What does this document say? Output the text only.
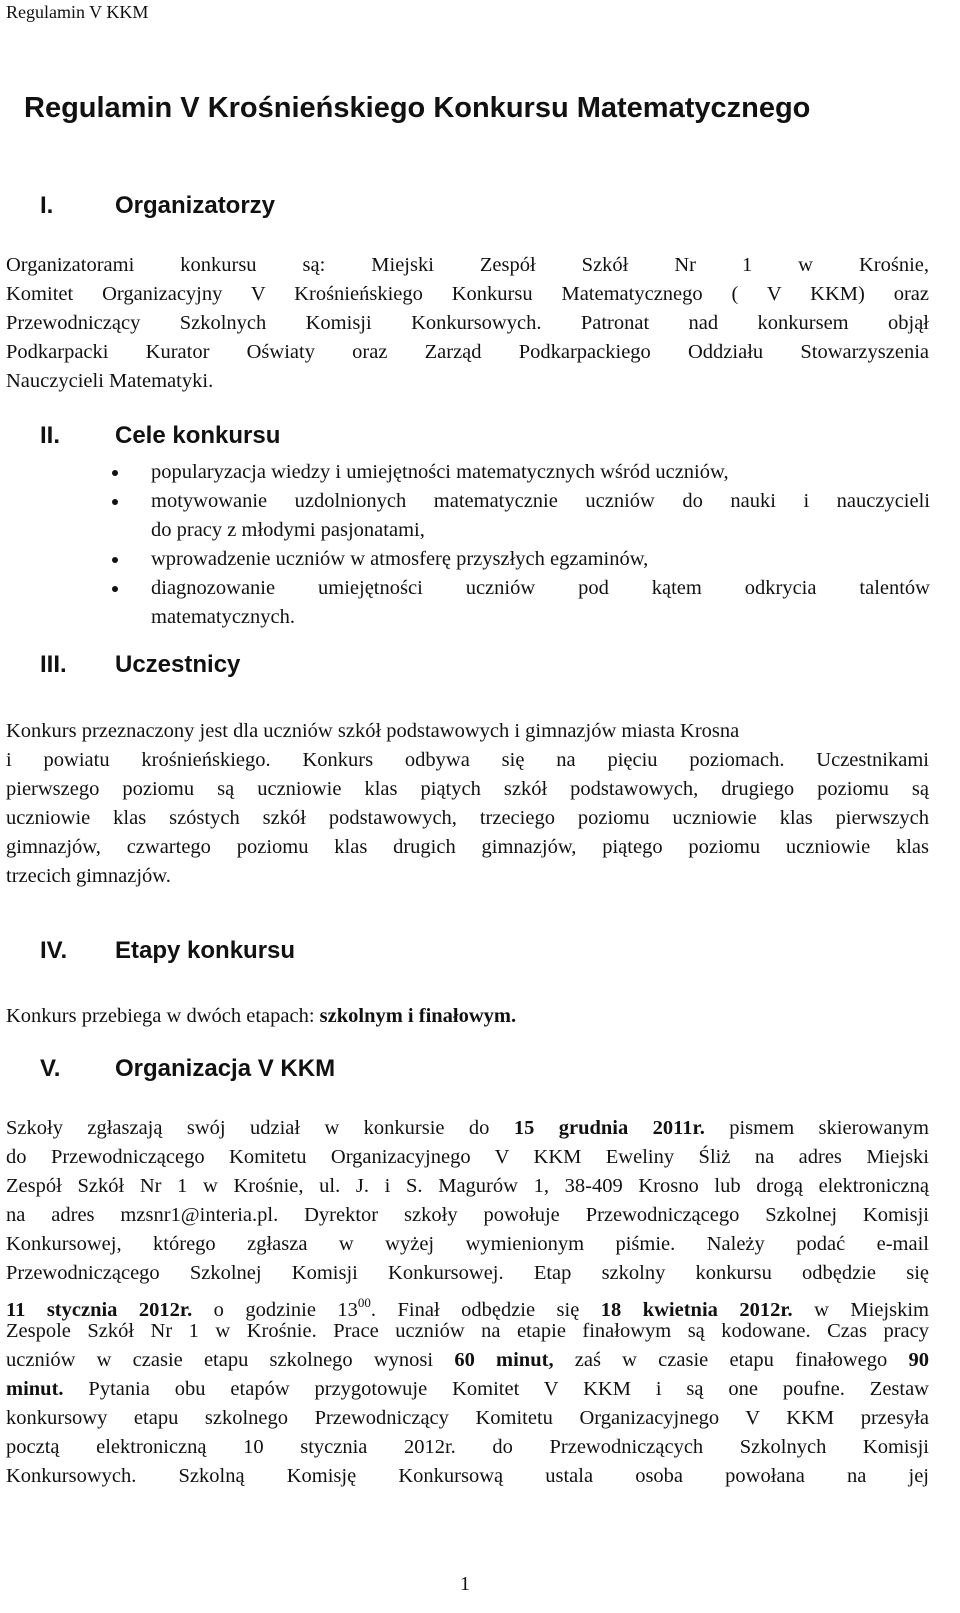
Regulamin V KKM
Regulamin V Krośnieńskiego Konkursu Matematycznego
I.	Organizatorzy
Organizatorami konkursu są: Miejski Zespół Szkół Nr 1 w Krośnie,
Komitet Organizacyjny V Krośnieńskiego Konkursu Matematycznego ( V KKM) oraz
Przewodniczący Szkolnych Komisji Konkursowych. Patronat nad konkursem objął
Podkarpacki Kurator Oświaty oraz Zarząd Podkarpackiego Oddziału Stowarzyszenia
Nauczycieli Matematyki.
II. Cele konkursu
popularyzacja wiedzy i umiejętności matematycznych wśród uczniów,
motywowanie uzdolnionych matematycznie uczniów do nauki i nauczycieli
do pracy z młodymi pasjonatami,
wprowadzenie uczniów w atmosferę przyszłych egzaminów,
diagnozowanie umiejętności uczniów pod kątem odkrycia talentów
matematycznych.
III. Uczestnicy
Konkurs przeznaczony jest dla uczniów szkół podstawowych i gimnazjów miasta Krosna
i powiatu krośnieńskiego. Konkurs odbywa się na pięciu poziomach. Uczestnikami
pierwszego poziomu są uczniowie klas piątych szkół podstawowych, drugiego poziomu są
uczniowie klas szóstych szkół podstawowych, trzeciego poziomu uczniowie klas pierwszych
gimnazjów, czwartego poziomu klas drugich gimnazjów, piątego poziomu uczniowie klas
trzecich gimnazjów.
IV. Etapy konkursu
Konkurs przebiega w dwóch etapach: szkolnym i finałowym.
V. Organizacja V KKM
Szkoły zgłaszają swój udział w konkursie do 15 grudnia 2011r. pismem skierowanym
do Przewodniczącego Komitetu Organizacyjnego V KKM Eweliny Śliż na adres Miejski
Zespół Szkół Nr 1 w Krośnie, ul. J. i S. Magurów 1, 38-409 Krosno lub drogą elektroniczną
na adres mzsnr1@interia.pl. Dyrektor szkoły powołuje Przewodniczącego Szkolnej Komisji
Konkursowej, którego zgłasza w wyżej wymienionym piśmie. Należy podać e-mail
Przewodniczącego Szkolnej Komisji Konkursowej. Etap szkolny konkursu odbędzie się
11 stycznia 2012r. o godzinie $13^{00}$. Finał odbędzie się 18 kwietnia 2012r. w Miejskim
Zespole Szkół Nr 1 w Krośnie. Prace uczniów na etapie finałowym są kodowane. Czas pracy
uczniów w czasie etapu szkolnego wynosi 60 minut, zaś w czasie etapu finałowego 90
minut. Pytania obu etapów przygotowuje Komitet V KKM i są one poufne. Zestaw
konkursowy etapu szkolnego Przewodniczący Komitetu Organizacyjnego V KKM przesyła
pocztą elektroniczną 10 stycznia 2012r. do Przewodniczących Szkolnych Komisji
Konkursowych. Szkolną Komisję Konkursową ustala osoba powołana na jej
1
